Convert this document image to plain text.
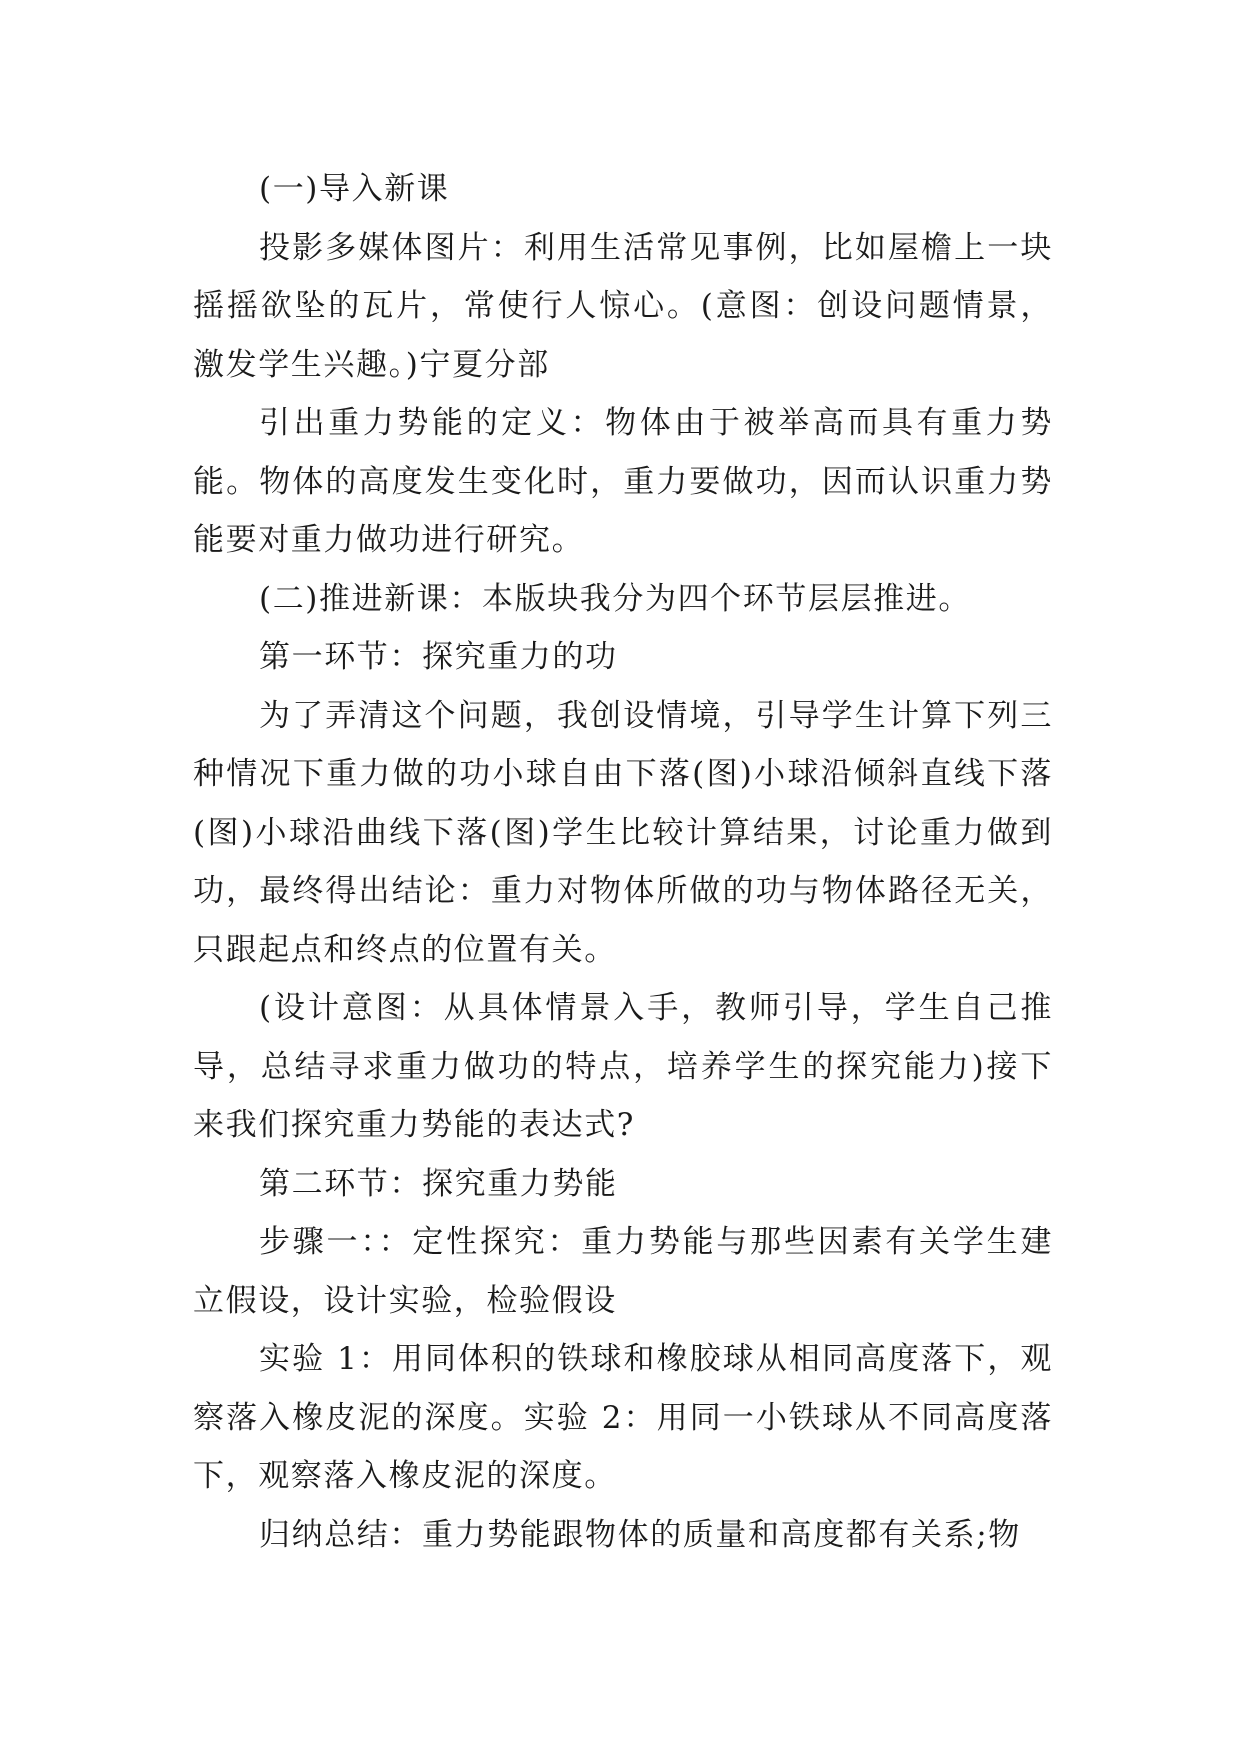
(一)导入新课

投影多媒体图片：利用生活常见事例，比如屋檐上一块摇摇欲坠的瓦片，常使行人惊心。(意图：创设问题情景，激发学生兴趣。)宁夏分部

引出重力势能的定义：物体由于被举高而具有重力势能。物体的高度发生变化时，重力要做功，因而认识重力势能要对重力做功进行研究。

(二)推进新课：本版块我分为四个环节层层推进。

第一环节：探究重力的功

为了弄清这个问题，我创设情境，引导学生计算下列三种情况下重力做的功小球自由下落(图)小球沿倾斜直线下落(图)小球沿曲线下落(图)学生比较计算结果，讨论重力做到功，最终得出结论：重力对物体所做的功与物体路径无关，只跟起点和终点的位置有关。

(设计意图：从具体情景入手，教师引导，学生自己推导，总结寻求重力做功的特点，培养学生的探究能力)接下来我们探究重力势能的表达式?

第二环节：探究重力势能

步骤一：：定性探究：重力势能与那些因素有关学生建立假设，设计实验，检验假设

实验 1：用同体积的铁球和橡胶球从相同高度落下，观察落入橡皮泥的深度。实验 2：用同一小铁球从不同高度落下，观察落入橡皮泥的深度。

归纳总结：重力势能跟物体的质量和高度都有关系;物
